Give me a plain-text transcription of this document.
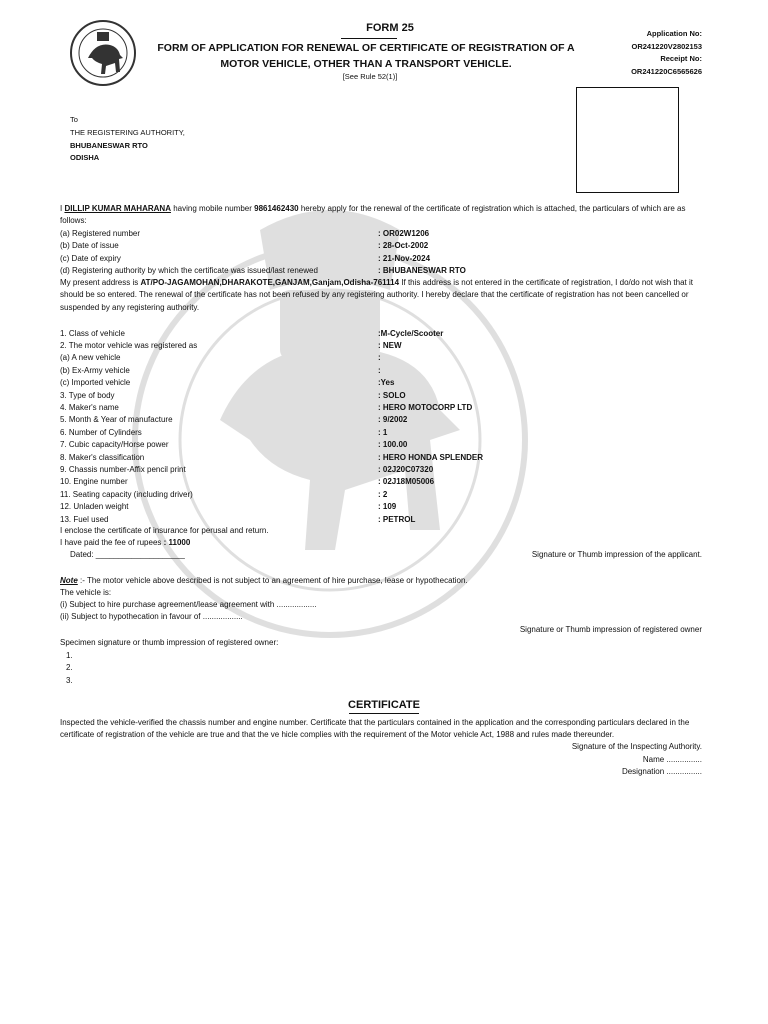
FORM 25
FORM OF APPLICATION FOR RENEWAL OF CERTIFICATE OF REGISTRATION OF A
MOTOR VEHICLE, OTHER THAN A TRANSPORT VEHICLE.
[See Rule 52(1)]
Application No:
OR241220V2802153
Receipt No:
OR241220C6565626
To
THE REGISTERING AUTHORITY,
BHUBANESWAR RTO
ODISHA
I DILLIP KUMAR MAHARANA having mobile number 9861462430 hereby apply for the renewal of the certificate of registration which is attached, the particulars of which are as follows:
(a) Registered number	: OR02W1206
(b) Date of issue	: 28-Oct-2002
(c) Date of expiry	: 21-Nov-2024
(d) Registering authority by which the certificate was issued/last renewed	: BHUBANESWAR RTO
My present address is AT/PO-JAGAMOHAN,DHARAKOTE,GANJAM,Ganjam,Odisha-761114 If this address is not entered in the certificate of registration, I do/do not wish that it should be so entered. The renewal of the certificate has not been refused by any registering authority. I hereby declare that the certificate of registration has not been cancelled or suspended by any registering authority.
1. Class of vehicle	:M-Cycle/Scooter
2. The motor vehicle was registered as	: NEW
(a) A new vehicle	:
(b) Ex-Army vehicle	:
(c) Imported vehicle	:Yes
3. Type of body	: SOLO
4. Maker's name	: HERO MOTOCORP LTD
5. Month & Year of manufacture	: 9/2002
6. Number of Cylinders	: 1
7. Cubic capacity/Horse power	: 100.00
8. Maker's classification	: HERO HONDA SPLENDER
9. Chassis number-Affix pencil print	: 02J20C07320
10. Engine number	: 02J18M05006
11. Seating capacity (including driver)	: 2
12. Unladen weight	: 109
13. Fuel used	: PETROL
I enclose the certificate of insurance for perusal and return.
I have paid the fee of rupees : 11000
Dated: ____________________	Signature or Thumb impression of the applicant.
Note :- The motor vehicle above described is not subject to an agreement of hire purchase, lease or hypothecation.
The vehicle is:
(i) Subject to hire purchase agreement/lease agreement with ..................
(ii) Subject to hypothecation in favour of ..................
Signature or Thumb impression of registered owner
Specimen signature or thumb impression of registered owner:
1.
2.
3.
CERTIFICATE
Inspected the vehicle-verified the chassis number and engine number. Certificate that the particulars contained in the application and the corresponding particulars declared in the certificate of registration of the vehicle are true and that the ve hicle complies with the requirement of the Motor vehicle Act, 1988 and rules made thereunder.
Signature of the Inspecting Authority.
Name ................
Designation ................
